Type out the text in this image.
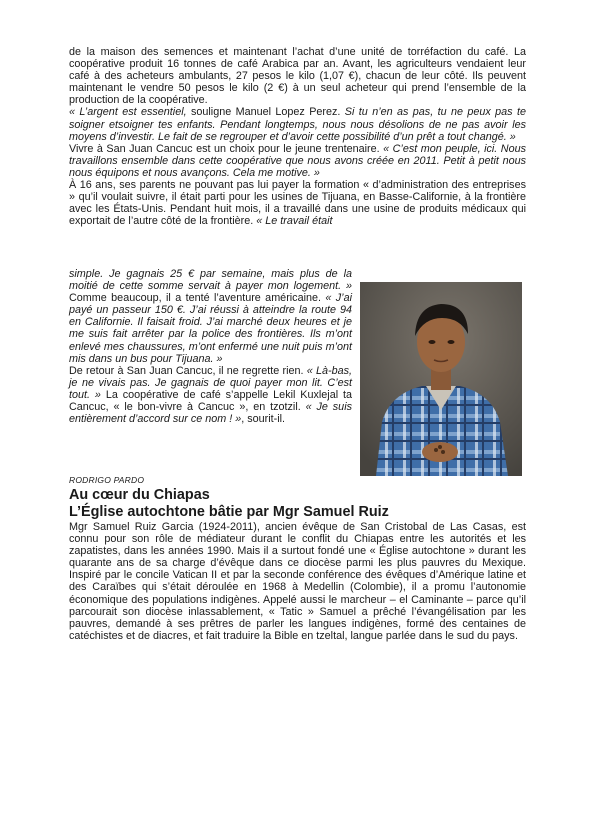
de la maison des semences et maintenant l’achat d’une unité de torréfaction du café. La coopérative produit 16 tonnes de café Arabica par an. Avant, les agriculteurs vendaient leur café à des acheteurs ambulants, 27 pesos le kilo (1,07 €), chacun de leur côté. Ils peuvent maintenant le vendre 50 pesos le kilo (2 €) à un seul acheteur qui prend l’ensemble de la production de la coopérative.

« L’argent est essentiel, souligne Manuel Lopez Perez. Si tu n’en as pas, tu ne peux pas te soigner etsoigner tes enfants. Pendant longtemps, nous nous désolions de ne pas avoir les moyens d’investir. Le fait de se regrouper et d’avoir cette possibilité d’un prêt a tout changé. »

Vivre à San Juan Cancuc est un choix pour le jeune trentenaire. « C’est mon peuple, ici. Nous travaillons ensemble dans cette coopérative que nous avons créée en 2011. Petit à petit nous nous équipons et nous avançons. Cela me motive. »

À 16 ans, ses parents ne pouvant pas lui payer la formation « d’administration des entreprises » qu’il voulait suivre, il était parti pour les usines de Tijuana, en Basse-Californie, à la frontière avec les États-Unis. Pendant huit mois, il a travaillé dans une usine de produits médicaux qui exportait de l’autre côté de la frontière. « Le travail était

simple. Je gagnais 25 € par semaine, mais plus de la moitié de cette somme servait à payer mon logement. » Comme beaucoup, il a tenté l’aventure américaine. « J’ai payé un passeur 150 €. J’ai réussi à atteindre la route 94 en Californie. Il faisait froid. J’ai marché deux heures et je me suis fait arrêter par la police des frontières. Ils m’ont enlevé mes chaussures, m’ont enfermé une nuit puis m’ont mis dans un bus pour Tijuana. »

De retour à San Juan Cancuc, il ne regrette rien. « Là-bas, je ne vivais pas. Je gagnais de quoi payer mon lit. C’est tout. » La coopérative de café s’appelle Lekil Kuxlejal ta Cancuc, « le bon-vivre à Cancuc », en tzotzil. « Je suis entièrement d’accord sur ce nom ! », sourit-il.

RODRIGO PARDO
Au cœur du Chiapas
L’Église autochtone bâtie par Mgr Samuel Ruiz

Mgr Samuel Ruiz Garcia (1924-2011), ancien évêque de San Cristobal de Las Casas, est connu pour son rôle de médiateur durant le conflit du Chiapas entre les autorités et les zapatistes, dans les années 1990. Mais il a surtout fondé une « Église autochtone » durant les quarante ans de sa charge d’évêque dans ce diocèse parmi les plus pauvres du Mexique. Inspiré par le concile Vatican II et par la seconde conférence des évêques d’Amérique latine et des Caraïbes qui s’était déroulée en 1968 à Medellin (Colombie), il a promu l’autonomie économique des populations indigènes. Appelé aussi le marcheur – el Caminante – parce qu’il parcourait son diocèse inlassablement, « Tatic » Samuel a prêché l’évangélisation par les pauvres, demandé à ses prêtres de parler les langues indigènes, formé des centaines de catéchistes et de diacres, et fait traduire la Bible en tzeltal, langue parlée dans le sud du pays.
